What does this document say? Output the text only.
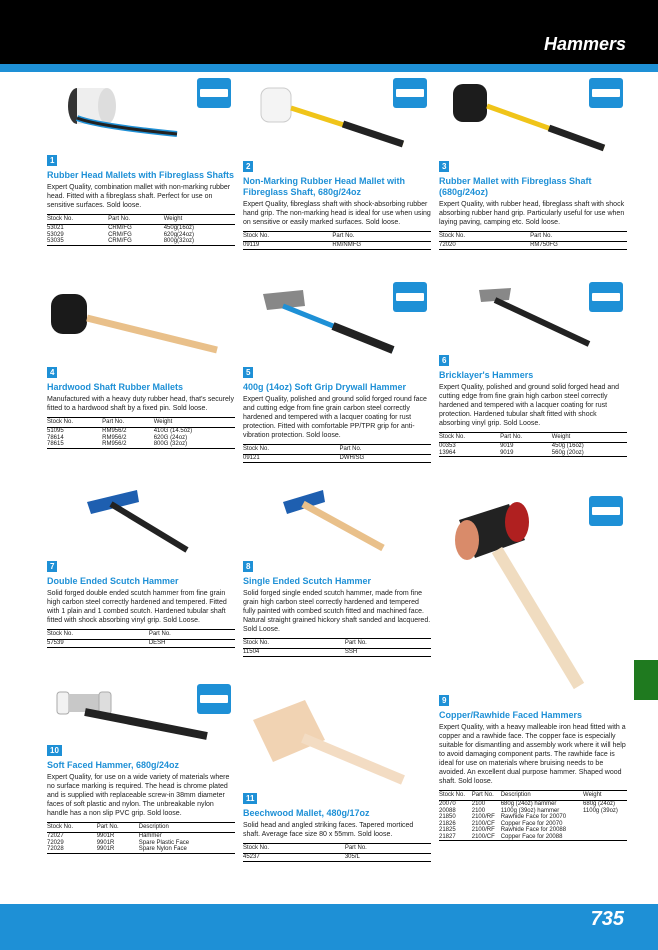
Hammers
1
Rubber Head Mallets with Fibreglass Shafts
Expert Quality, combination mallet with non-marking rubber head. Fitted with a fibreglass shaft. Perfect for use on sensitive surfaces. Sold loose.
Stock No.	Part No.	Weight
53021	CRM/FG	450g(16oz)
53029	CRM/FG	620g(24oz)
53035	CRM/FG	800g(32oz)
2
Non-Marking Rubber Head Mallet with Fibreglass Shaft, 680g/24oz
Expert Quality, fibreglass shaft with shock-absorbing rubber hand grip. The non-marking head is ideal for use when using on sensitive or easily marked surfaces. Sold loose.
Stock No.	Part No.
09119	RM/NMFG
3
Rubber Mallet with Fibreglass Shaft (680g/24oz)
Expert Quality, with rubber head, fibreglass shaft with shock absorbing rubber hand grip. Particularly useful for use when laying paving, camping etc. Sold loose.
Stock No.	Part No.
72020	RM750FG
4
Hardwood Shaft Rubber Mallets
Manufactured with a heavy duty rubber head, that's securely fitted to a hardwood shaft by a fixed pin. Sold loose.
Stock No.	Part No.	Weight
51095	RM956/2	410G (14.5oz)
78614	RM956/2	620G (24oz)
78615	RM956/2	800G (32oz)
5
400g (14oz) Soft Grip Drywall Hammer
Expert Quality, polished and ground solid forged round face and cutting edge from fine grain carbon steel correctly hardened and tempered with a lacquer coating for rust protection. Fitted with comfortable PP/TPR grip for anti-vibration protection. Sold loose.
Stock No.	Part No.
09121	DWH/SG
6
Bricklayer's Hammers
Expert Quality, polished and ground solid forged head and cutting edge from fine grain high carbon steel correctly hardened and tempered with a lacquer coating for rust protection. Hardened tubular shaft fitted with shock absorbing vinyl grip. Sold Loose.
Stock No.	Part No.	Weight
00353	9019	450g (16oz)
13964	9019	560g (20oz)
7
Double Ended Scutch Hammer
Solid forged double ended scutch hammer from fine grain high carbon steel correctly hardened and tempered. Fitted with 1 plain and 1 combed scutch. Hardened tubular shaft fitted with shock absorbing vinyl grip. Sold Loose.
Stock No.	Part No.
57539	DESH
8
Single Ended Scutch Hammer
Solid forged single ended scutch hammer, made from fine grain high carbon steel correctly hardened and tempered fully painted with combed scutch fitted and machined face. Natural straight grained hickory shaft sanded and lacquered. Sold Loose.
Stock No.	Part No.
11504	SSH
9
Copper/Rawhide Faced Hammers
Expert Quality, with a heavy malleable iron head fitted with a copper and a rawhide face. The copper face is especially suitable for dismantling and assembly work where it will help to avoid damaging component parts. The rawhide face is ideal for use on materials where bruising needs to be avoided. An excellent dual purpose hammer. Shaped wood shaft. Sold loose.
Stock No.	Part No.	Description	Weight
20070	2100	680g (24oz) hammer	680g (24oz)
20088	2100	1100g (39oz) hammer	1100g (39oz)
21850	2100/RF	Rawhide Face for 20070	
21826	2100/CF	Copper Face for 20070	
21825	2100/RF	Rawhide Face for 20088	
21827	2100/CF	Copper Face for 20088	
10
Soft Faced Hammer, 680g/24oz
Expert Quality, for use on a wide variety of materials where no surface marking is required. The head is chrome plated and is supplied with replaceable screw-in 38mm diameter faces of soft plastic and nylon. The unbreakable nylon handle has a non slip PVC grip. Sold loose.
Stock No.	Part No.	Description
72027	9901R	Hammer
72029	9901R	Spare Plastic Face
72028	9901R	Spare Nylon Face
11
Beechwood Mallet, 480g/17oz
Solid head and angled striking faces. Tapered morticed shaft. Average face size 80 x 55mm. Sold loose.
Stock No.	Part No.
45237	305/L
735
